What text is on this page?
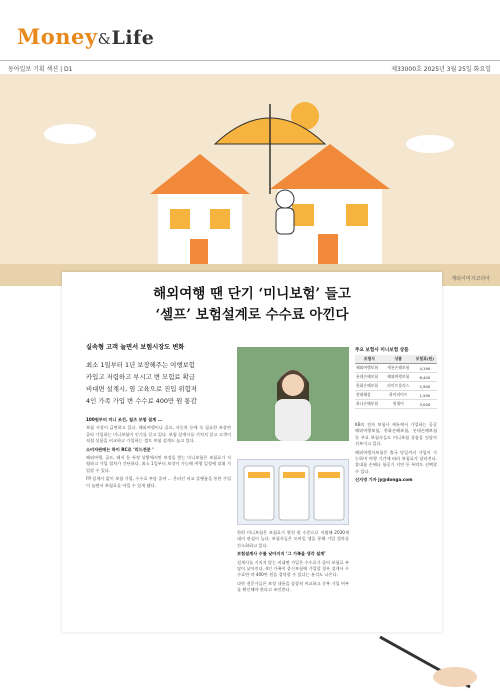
Money&Life
동아일보 기획 섹션 | D1	제33000호 2025년 3월 25일 화요일
게티이미지코리아
해외여행 땐 단기 ‘미니보험’ 들고
‘셀프’ 보험설계로 수수료 아낀다
실속형 고객 늘면서 보험시장도 변화
최소 1일부터 1년 보장해주는 여행보험
카입고 저렴하고 부시고 변 모험료 확급
비대면 설계시, 염 고육으로 진입 위험져
4인 가족 가입 변 수수료 400만 원 통감

100원부터 미니 조건, 칠즈 보험 설계 ...

보험 시장이 급변하고 있다. 해외여행이나 골프, 자동차 등에 꼭 필요한 보장만 골라 가입하는 미니보험이 인기를 끌고 있다. 보험 설계사를 거치지 않고 고객이 직접 상품을 비교하고 가입하는 셀프 보험 설계도 늘고 있다.

소비자판매는 하이 RC로 ‘리드전문 ’

해외여행, 골프, 레저 등 특정 상황에서만 보장을 받는 미니보험은 보험료가 저렴하고 가입 절차가 간단하다. 최소 1일부터 보장이 가능해 여행 일정에 맞춰 가입할 수 있다.

FP 설계사 없이 보험 가입, 수수료 부담 줄여 ... 온라인 비교 플랫폼을 통한 가입이 늘면서 보험료를 아낄 수 있게 됐다.

한편 미니보험은 보험료가 몇천 원 수준으로 저렴해 2030세대의 관심이 높다. 보험사들은 모바일 앱을 통해 가입 절차를 간소화하고 있다.

보험설계사 수를 낮아지지 ‘그 가족을 생각 설계’

설계사를 거치지 않는 비대면 가입은 수수료가 줄어 보험료 부담이 낮아진다. 4인 가족이 종신보험에 가입할 경우 설계사 수수료만 약 400만 원을 절약할 수 있다는 분석도 나온다.

다만 전문가들은 보장 내용을 꼼꼼히 비교하고 중복 가입 여부를 확인해야 한다고 조언한다.

주요 보험사 미니보험 상품
보험사	상품	보험료(원)
해외여행보험	캐롯손해보험	4,190
롯데손해보험	해외여행보험	6,400
한화손해보험	라이프플러스	2,900
현대해상	하이라이프	1,500
하나손해보험	원데이	3,000

KB의 전자 보험사 캐롯에서 가입하는 공공 해외여행보험, 한화손해보험, 롯데손해보험 등 주요 보험사들도 미니보험 상품을 잇달아 선보이고 있다.

해외여행자보험은 출국 당일까지 가입이 가능하며 여행 기간에 따라 보험료가 달라진다. 휴대품 손해나 항공기 지연 등 특약도 선택할 수 있다.

신지영 기자 jy@donga.com
